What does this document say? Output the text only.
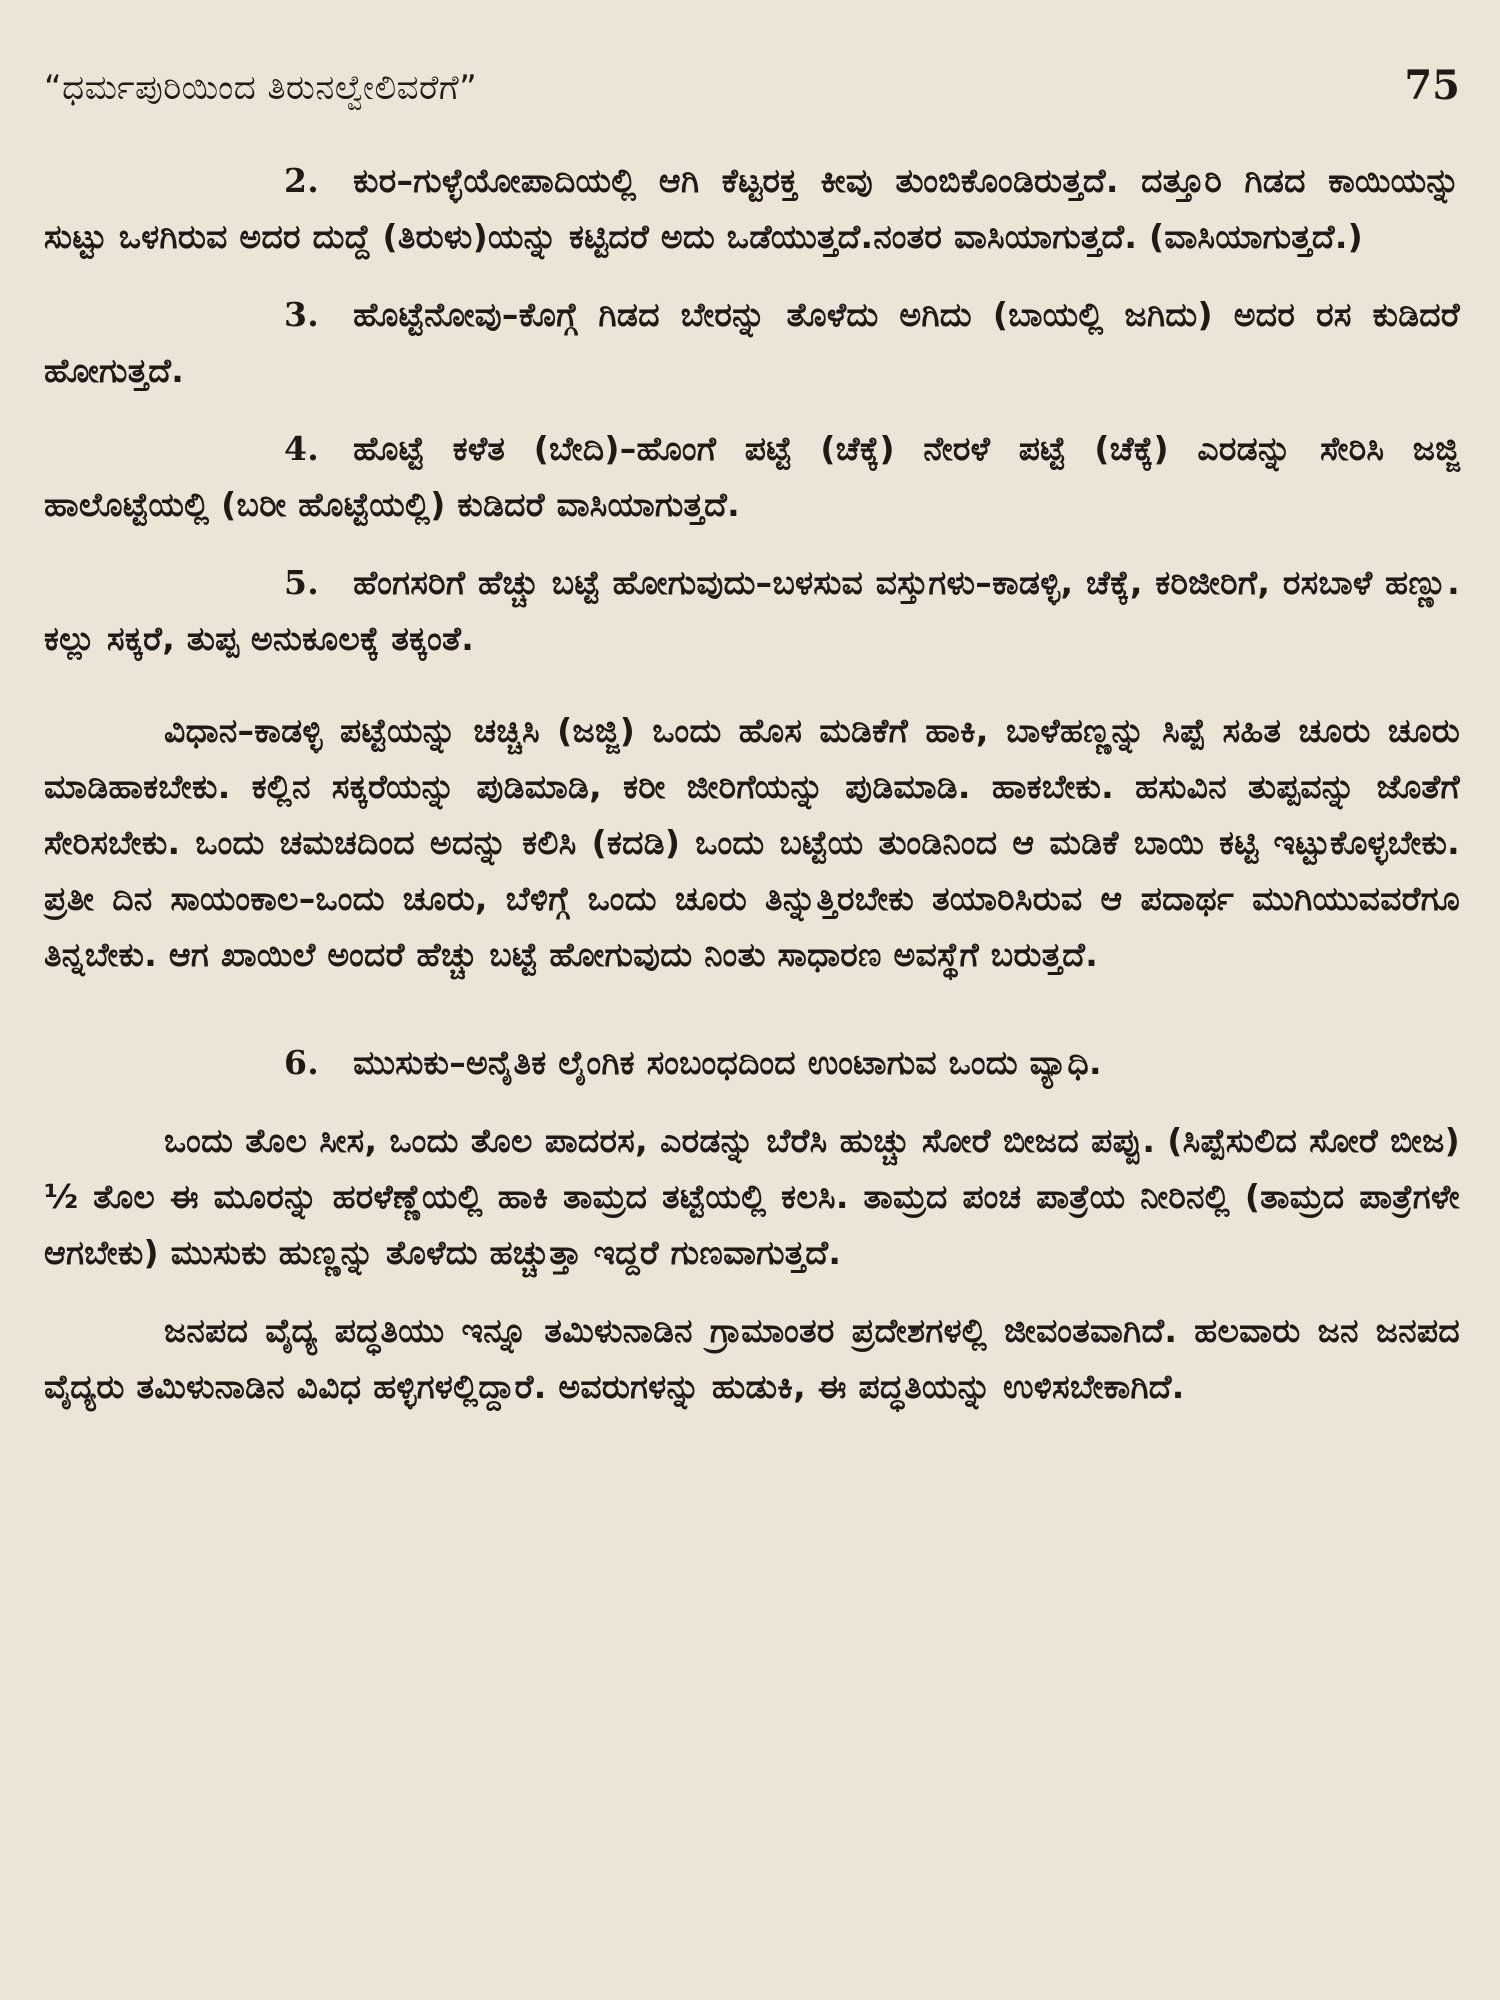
“ಧರ್ಮಪುರಿಯಿಂದ ತಿರುನಲ್ವೇಲಿವರೆಗೆ”	75

2. ಕುರ–ಗುಳ್ಳೆಯೋಪಾದಿಯಲ್ಲಿ ಆಗಿ ಕೆಟ್ಟರಕ್ತ ಕೀವು ತುಂಬಿಕೊಂಡಿರುತ್ತದೆ. ದತ್ತೂರಿ ಗಿಡದ ಕಾಯಿಯನ್ನು ಸುಟ್ಟು ಒಳಗಿರುವ ಅದರ ದುದ್ದೆ (ತಿರುಳು)ಯನ್ನು ಕಟ್ಟಿದರೆ ಅದು ಒಡೆಯುತ್ತದೆ.ನಂತರ ವಾಸಿಯಾಗುತ್ತದೆ. (ವಾಸಿಯಾಗುತ್ತದೆ.)

3. ಹೊಟ್ಟೆನೋವು–ಕೊಗ್ಗೆ ಗಿಡದ ಬೇರನ್ನು ತೊಳೆದು ಅಗಿದು (ಬಾಯಲ್ಲಿ ಜಗಿದು) ಅದರ ರಸ ಕುಡಿದರೆ ಹೋಗುತ್ತದೆ.

4. ಹೊಟ್ಟೆ ಕಳೆತ (ಬೇದಿ)–ಹೊಂಗೆ ಪಟ್ಟೆ (ಚೆಕ್ಕೆ) ನೇರಳೆ ಪಟ್ಟೆ (ಚೆಕ್ಕೆ) ಎರಡನ್ನು ಸೇರಿಸಿ ಜಜ್ಜಿ ಹಾಲೊಟ್ಟೆಯಲ್ಲಿ (ಬರೀ ಹೊಟ್ಟೆಯಲ್ಲಿ) ಕುಡಿದರೆ ವಾಸಿಯಾಗುತ್ತದೆ.

5. ಹೆಂಗಸರಿಗೆ ಹೆಚ್ಚು ಬಟ್ಟೆ ಹೋಗುವುದು–ಬಳಸುವ ವಸ್ತುಗಳು–ಕಾಡಳ್ಳಿ, ಚೆಕ್ಕೆ, ಕರಿಜೀರಿಗೆ, ರಸಬಾಳೆ ಹಣ್ಣು. ಕಲ್ಲು ಸಕ್ಕರೆ, ತುಪ್ಪ ಅನುಕೂಲಕ್ಕೆ ತಕ್ಕಂತೆ.

ವಿಧಾನ–ಕಾಡಳ್ಳಿ ಪಟ್ಟೆಯನ್ನು ಚಚ್ಚಿಸಿ (ಜಜ್ಜಿ) ಒಂದು ಹೊಸ ಮಡಿಕೆಗೆ ಹಾಕಿ, ಬಾಳೆಹಣ್ಣನ್ನು ಸಿಪ್ಪೆ ಸಹಿತ ಚೂರು ಚೂರು ಮಾಡಿಹಾಕಬೇಕು. ಕಲ್ಲಿನ ಸಕ್ಕರೆಯನ್ನು ಪುಡಿಮಾಡಿ, ಕರೀ ಜೀರಿಗೆಯನ್ನು ಪುಡಿಮಾಡಿ. ಹಾಕಬೇಕು. ಹಸುವಿನ ತುಪ್ಪವನ್ನು ಜೊತೆಗೆ ಸೇರಿಸಬೇಕು. ಒಂದು ಚಮಚದಿಂದ ಅದನ್ನು ಕಲಿಸಿ (ಕದಡಿ) ಒಂದು ಬಟ್ಟೆಯ ತುಂಡಿನಿಂದ ಆ ಮಡಿಕೆ ಬಾಯಿ ಕಟ್ಟಿ ಇಟ್ಟುಕೊಳ್ಳಬೇಕು. ಪ್ರತೀ ದಿನ ಸಾಯಂಕಾಲ–ಒಂದು ಚೂರು, ಬೆಳಿಗ್ಗೆ ಒಂದು ಚೂರು ತಿನ್ನುತ್ತಿರಬೇಕು ತಯಾರಿಸಿರುವ ಆ ಪದಾರ್ಥ ಮುಗಿಯುವವರೆಗೂ ತಿನ್ನಬೇಕು. ಆಗ ಖಾಯಿಲೆ ಅಂದರೆ ಹೆಚ್ಚು ಬಟ್ಟೆ ಹೋಗುವುದು ನಿಂತು ಸಾಧಾರಣ ಅವಸ್ಥೆಗೆ ಬರುತ್ತದೆ.

6. ಮುಸುಕು–ಅನೈತಿಕ ಲೈಂಗಿಕ ಸಂಬಂಧದಿಂದ ಉಂಟಾಗುವ ಒಂದು ವ್ಯಾಧಿ.

ಒಂದು ತೊಲ ಸೀಸ, ಒಂದು ತೊಲ ಪಾದರಸ, ಎರಡನ್ನು ಬೆರೆಸಿ ಹುಚ್ಚು ಸೋರೆ ಬೀಜದ ಪಪ್ಪು. (ಸಿಪ್ಪೆಸುಲಿದ ಸೋರೆ ಬೀಜ) ½ ತೊಲ ಈ ಮೂರನ್ನು ಹರಳೆಣ್ಣೆಯಲ್ಲಿ ಹಾಕಿ ತಾಮ್ರದ ತಟ್ಟೆಯಲ್ಲಿ ಕಲಸಿ. ತಾಮ್ರದ ಪಂಚ ಪಾತ್ರೆಯ ನೀರಿನಲ್ಲಿ (ತಾಮ್ರದ ಪಾತ್ರೆಗಳೇ ಆಗಬೇಕು) ಮುಸುಕು ಹುಣ್ಣನ್ನು ತೊಳೆದು ಹಚ್ಚುತ್ತಾ ಇದ್ದರೆ ಗುಣವಾಗುತ್ತದೆ.

ಜನಪದ ವೈದ್ಯ ಪದ್ಧತಿಯು ಇನ್ನೂ ತಮಿಳುನಾಡಿನ ಗ್ರಾಮಾಂತರ ಪ್ರದೇಶಗಳಲ್ಲಿ ಜೀವಂತವಾಗಿದೆ. ಹಲವಾರು ಜನ ಜನಪದ ವೈದ್ಯರು ತಮಿಳುನಾಡಿನ ವಿವಿಧ ಹಳ್ಳಿಗಳಲ್ಲಿದ್ದಾರೆ. ಅವರುಗಳನ್ನು ಹುಡುಕಿ, ಈ ಪದ್ಧತಿಯನ್ನು ಉಳಿಸಬೇಕಾಗಿದೆ.
